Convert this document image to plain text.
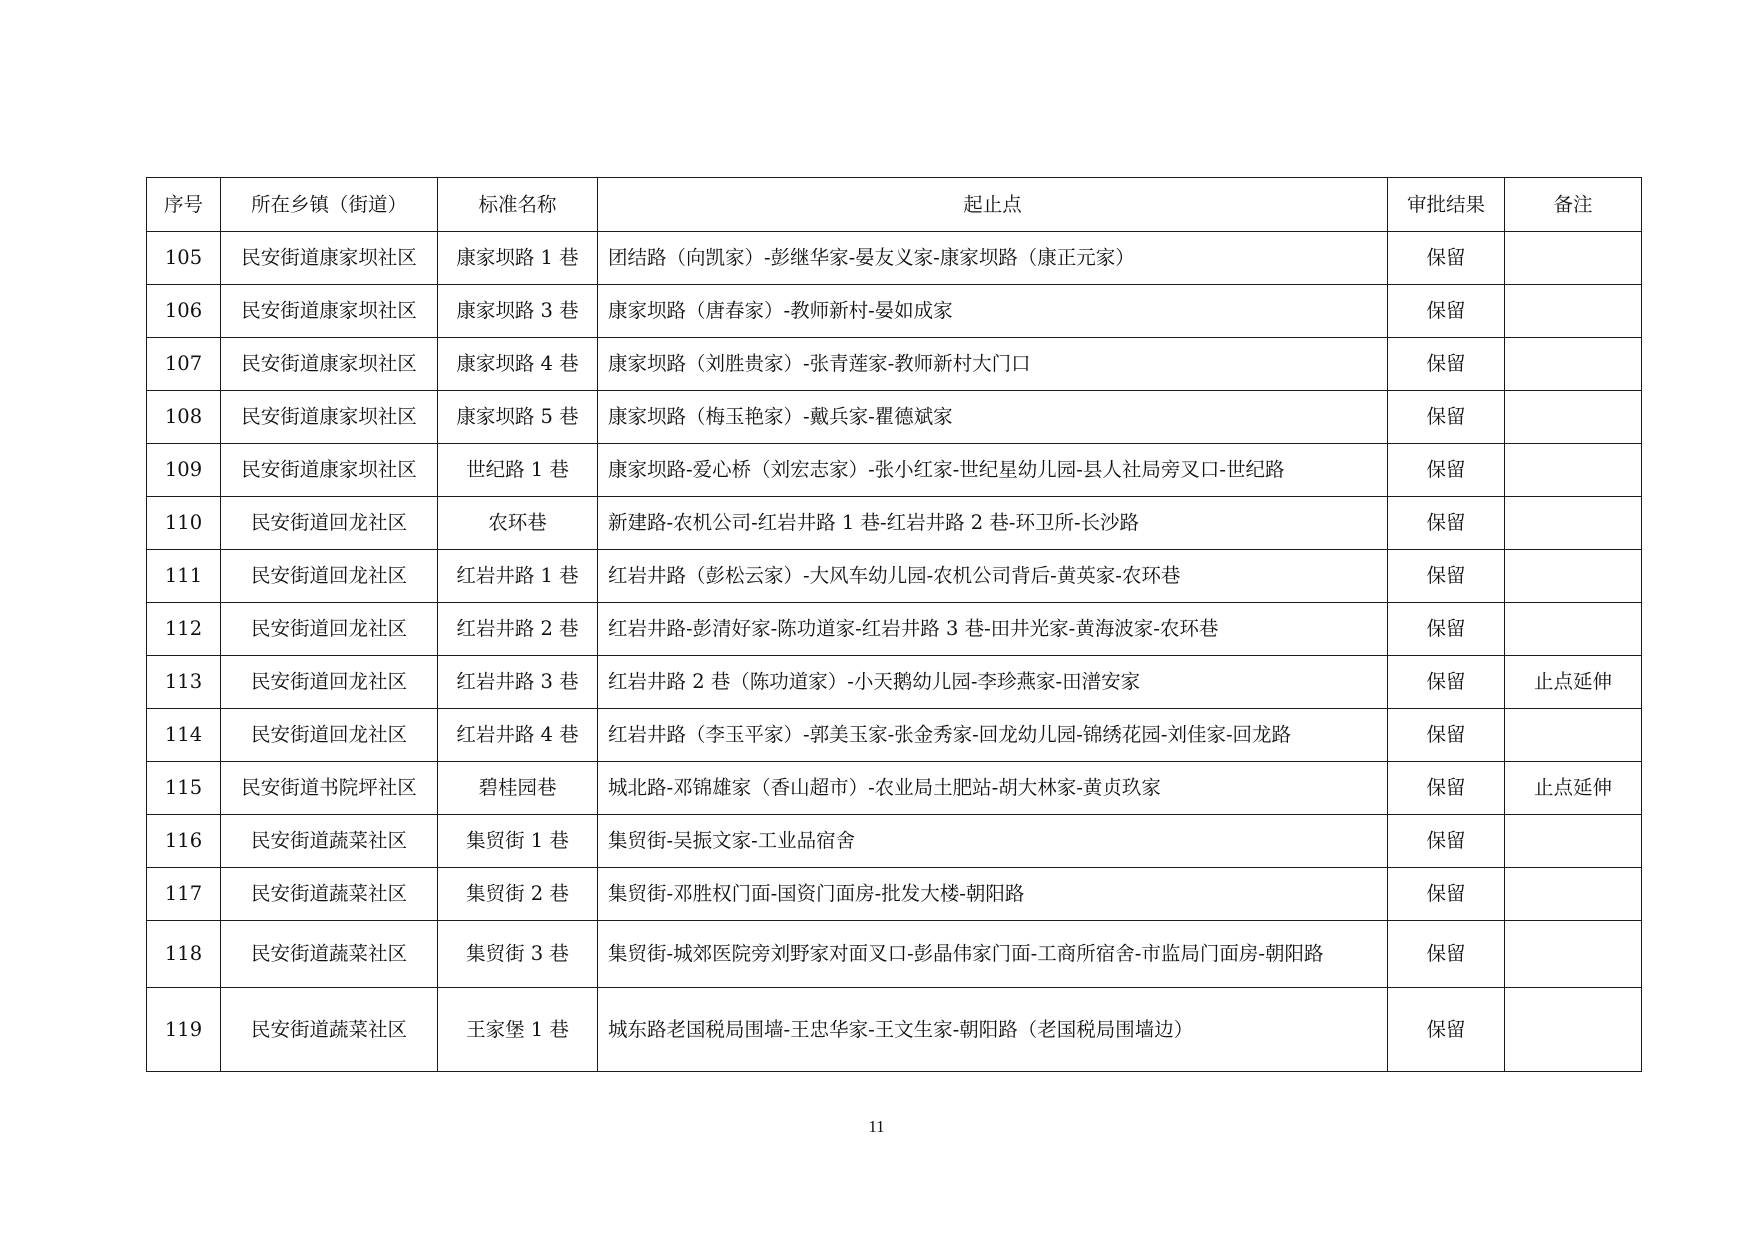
序号	所在乡镇（街道）	标准名称	起止点	审批结果	备注
105	民安街道康家坝社区	康家坝路 1 巷	团结路（向凯家）-彭继华家-晏友义家-康家坝路（康正元家）	保留	
106	民安街道康家坝社区	康家坝路 3 巷	康家坝路（唐春家）-教师新村-晏如成家	保留	
107	民安街道康家坝社区	康家坝路 4 巷	康家坝路（刘胜贵家）-张青莲家-教师新村大门口	保留	
108	民安街道康家坝社区	康家坝路 5 巷	康家坝路（梅玉艳家）-戴兵家-瞿德斌家	保留	
109	民安街道康家坝社区	世纪路 1 巷	康家坝路-爱心桥（刘宏志家）-张小红家-世纪星幼儿园-县人社局旁叉口-世纪路	保留	
110	民安街道回龙社区	农环巷	新建路-农机公司-红岩井路 1 巷-红岩井路 2 巷-环卫所-长沙路	保留	
111	民安街道回龙社区	红岩井路 1 巷	红岩井路（彭松云家）-大风车幼儿园-农机公司背后-黄英家-农环巷	保留	
112	民安街道回龙社区	红岩井路 2 巷	红岩井路-彭清好家-陈功道家-红岩井路 3 巷-田井光家-黄海波家-农环巷	保留	
113	民安街道回龙社区	红岩井路 3 巷	红岩井路 2 巷（陈功道家）-小天鹅幼儿园-李珍燕家-田潽安家	保留	止点延伸
114	民安街道回龙社区	红岩井路 4 巷	红岩井路（李玉平家）-郭美玉家-张金秀家-回龙幼儿园-锦绣花园-刘佳家-回龙路	保留	
115	民安街道书院坪社区	碧桂园巷	城北路-邓锦雄家（香山超市）-农业局土肥站-胡大林家-黄贞玖家	保留	止点延伸
116	民安街道蔬菜社区	集贸街 1 巷	集贸街-吴振文家-工业品宿舍	保留	
117	民安街道蔬菜社区	集贸街 2 巷	集贸街-邓胜权门面-国资门面房-批发大楼-朝阳路	保留	
118	民安街道蔬菜社区	集贸街 3 巷	集贸街-城郊医院旁刘野家对面叉口-彭晶伟家门面-工商所宿舍-市监局门面房-朝阳路	保留	
119	民安街道蔬菜社区	王家堡 1 巷	城东路老国税局围墙-王忠华家-王文生家-朝阳路（老国税局围墙边）	保留	
11
